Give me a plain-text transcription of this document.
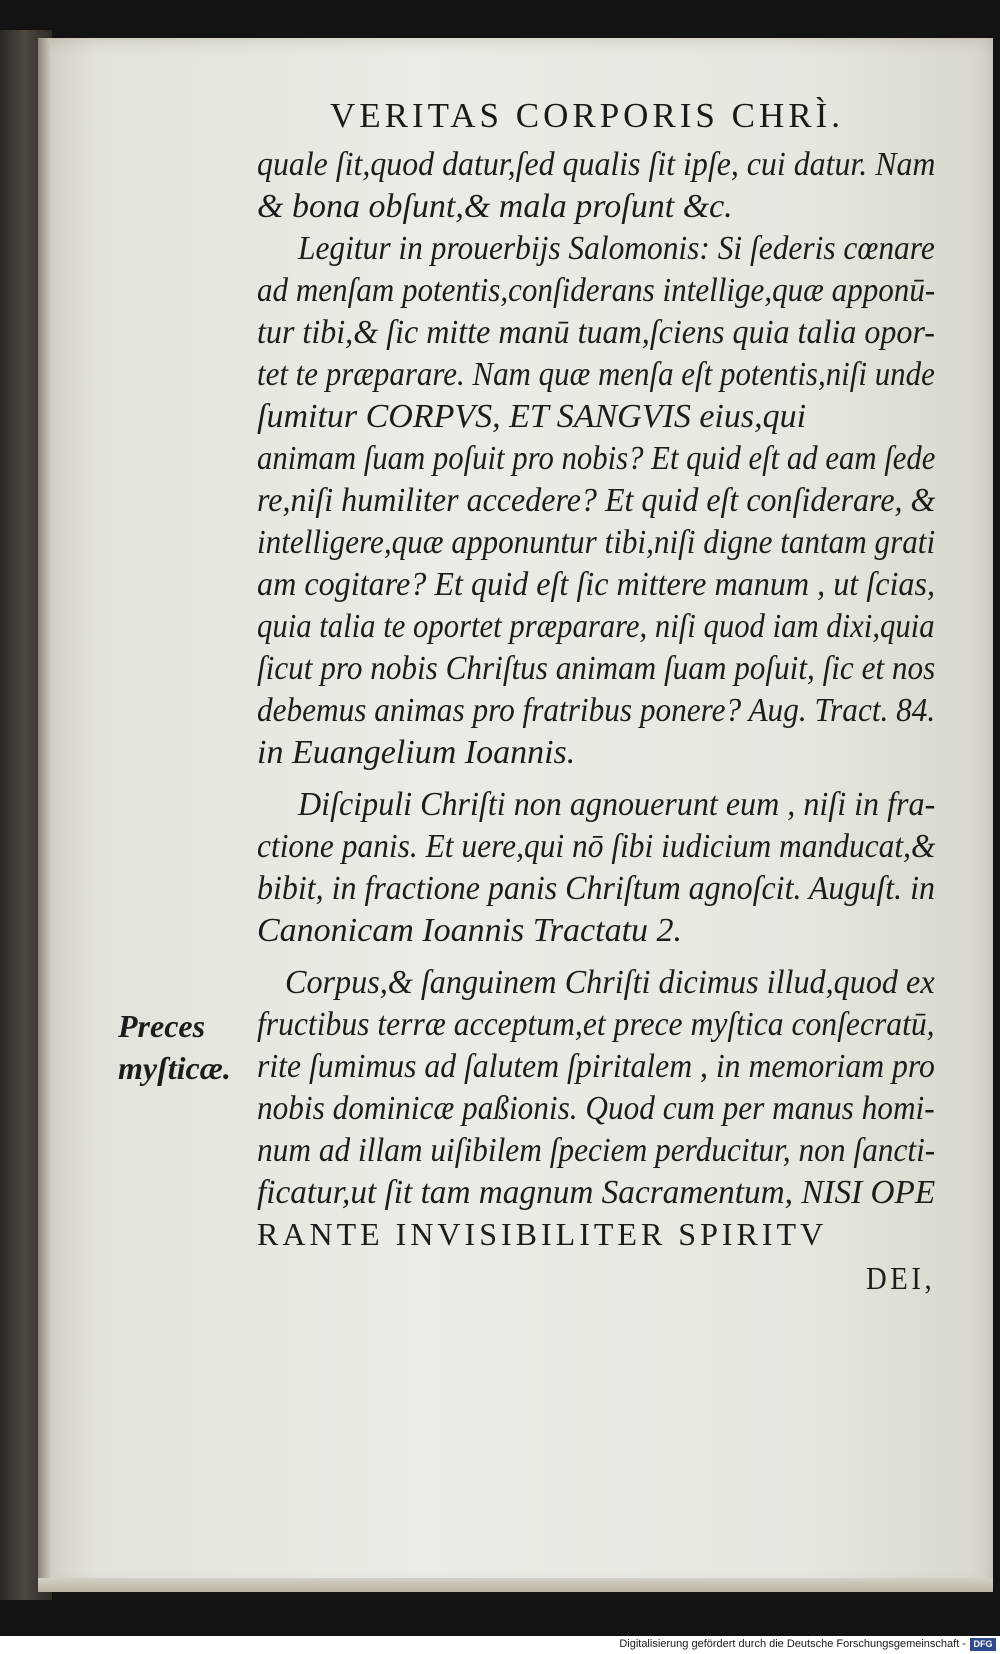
VERITAS CORPORIS CHRÌ.
quale ſit,quod datur,ſed qualis ſit ipſe, cui datur. Nam
& bona obſunt,& mala proſunt &c.
Legitur in prouerbijs Salomonis: Si ſederis cœnare
ad menſam potentis,conſiderans intellige,quæ apponū-
tur tibi,& ſic mitte manū tuam,ſciens quia talia opor-
tet te præparare. Nam quæ menſa eſt potentis,niſi unde
ſumitur CORPVS, ET SANGVIS eius,qui
animam ſuam poſuit pro nobis? Et quid eſt ad eam ſede
re,niſi humiliter accedere? Et quid eſt conſiderare, &
intelligere,quæ apponuntur tibi,niſi digne tantam grati
am cogitare? Et quid eſt ſic mittere manum , ut ſcias,
quia talia te oportet præparare, niſi quod iam dixi,quia
ſicut pro nobis Chriſtus animam ſuam poſuit, ſic et nos
debemus animas pro fratribus ponere? Aug. Tract. 84.
in Euangelium Ioannis.
Diſcipuli Chriſti non agnouerunt eum , niſi in fra-
ctione panis. Et uere,qui nō ſibi iudicium manducat,&
bibit, in fractione panis Chriſtum agnoſcit. Auguſt. in
Canonicam Ioannis Tractatu 2.
Corpus,& ſanguinem Chriſti dicimus illud,quod ex
fructibus terræ acceptum,et prece myſtica conſecratū,
rite ſumimus ad ſalutem ſpiritalem , in memoriam pro
nobis dominicæ paßionis. Quod cum per manus homi-
num ad illam uiſibilem ſpeciem perducitur, non ſancti-
ficatur,ut ſit tam magnum Sacramentum, NISI OPE
RANTE INVISIBILITER SPIRITV
DEI,
Preces
myſticæ.
Digitalisierung gefördert durch die Deutsche Forschungsgemeinschaft - DFG
